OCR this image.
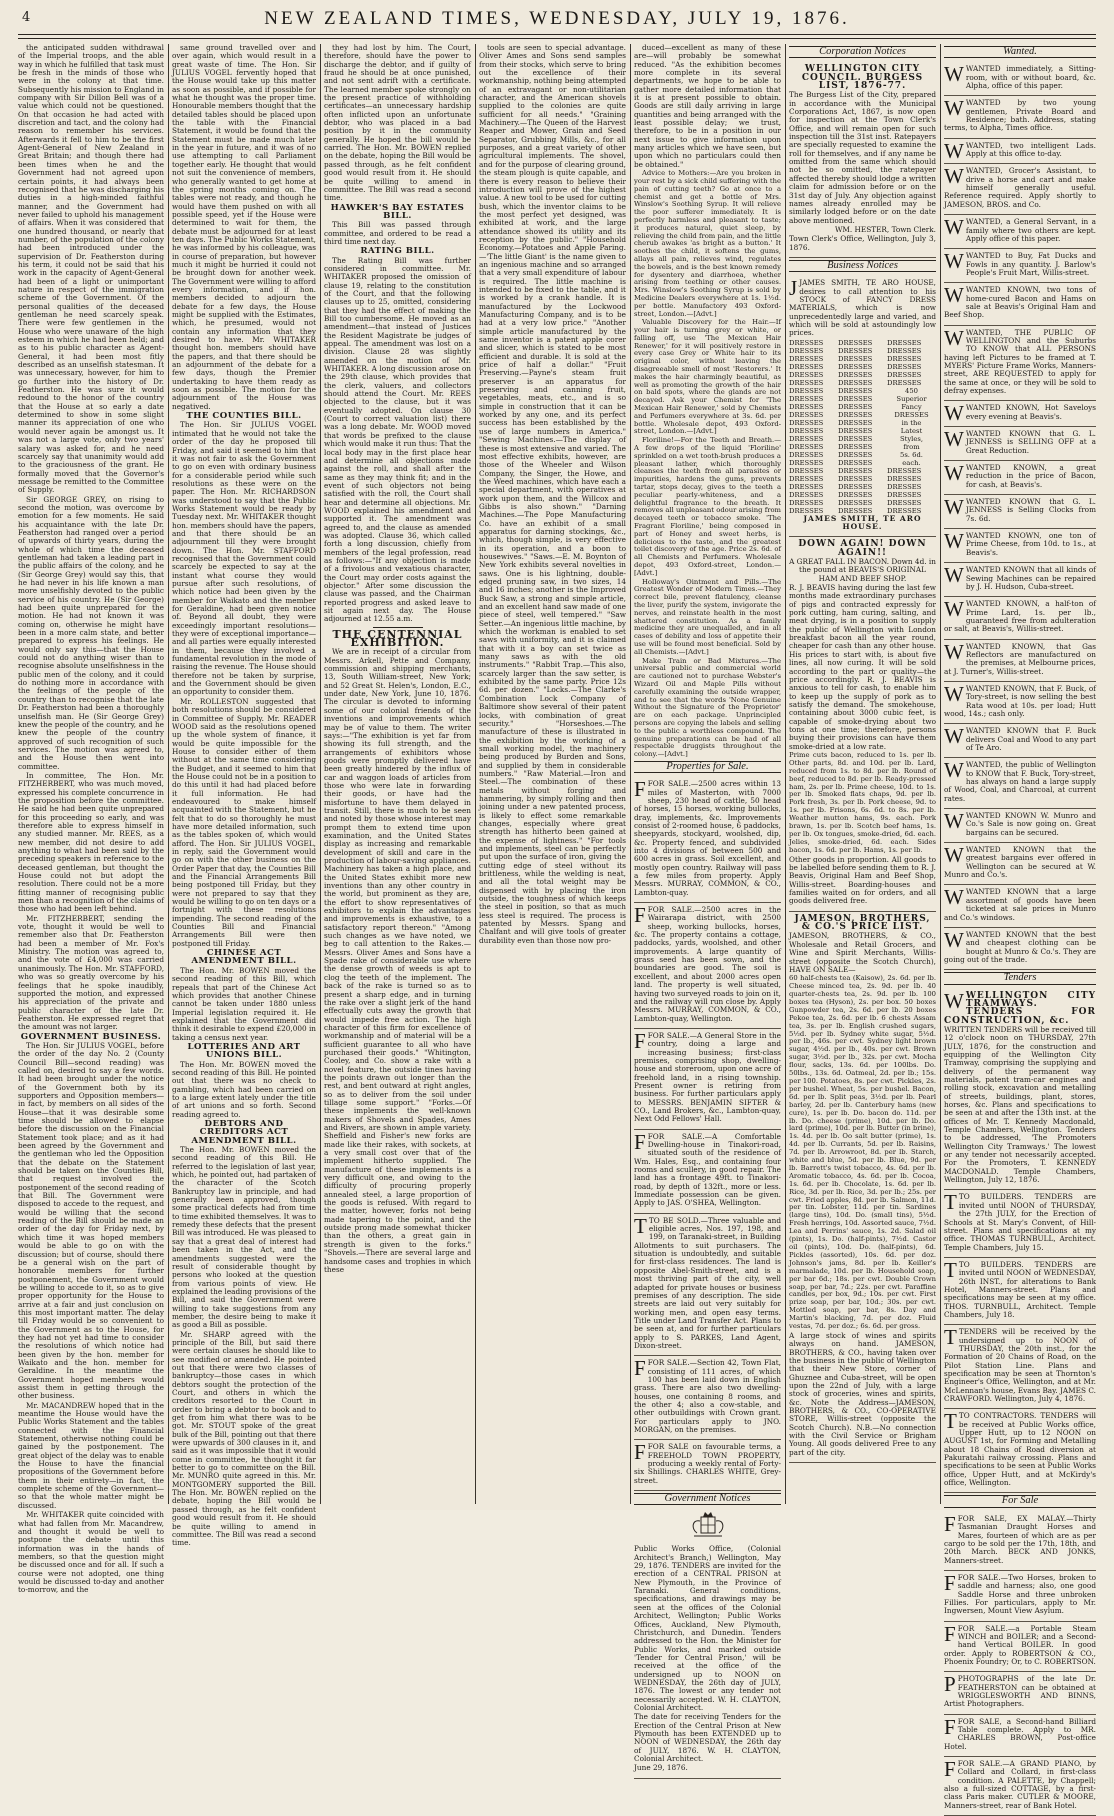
4	NEW ZEALAND TIMES, WEDNESDAY, JULY 19, 1876.

the anticipated sudden withdrawal of the Imperial troops, and the able way in which he fulfilled that task must be fresh in the minds of those who were in the colony at that time. Subsequently his mission to England in company with Sir Dillon Bell was of a value which could not be questioned. On that occasion he had acted with discretion and tact, and the colony had reason to remember his services. Afterwards it fell to him to be the first Agent-General of New Zealand in Great Britain; and though there had been times when he and the Government had not agreed upon certain points, it had always been recognised that he was discharging his duties in a high-minded faithful manner, and the Government had never failed to uphold his management of affairs. When it was considered that one hundred thousand, or nearly that number, of the population of the colony had been introduced under the supervision of Dr. Featherston during his term, it could not be said that his work in the capacity of Agent-General had been of a light or unimportant nature in respect of the immigration scheme of the Government. Of the personal qualities of the deceased gentleman he need scarcely speak. There were few gentlemen in the House who were unaware of the high esteem in which he had been held; and as to his public character as Agent-General, it had been most fitly described as an unselfish statesman. It was unnecessary, however, for him to go further into the history of Dr. Featherston. He was sure it would redound to the honor of the country that the House at so early a date determined to show in some slight manner its appreciation of one who would never again be amongst us. It was not a large vote, only two years' salary was asked for, and he need scarcely say that unanimity would add to the graciousness of the grant. He formally moved that the Governor's message be remitted to the Committee of Supply.

Sir GEORGE GREY, on rising to second the motion, was overcome by emotion for a few moments. He said his acquaintance with the late Dr. Featherston had ranged over a period of upwards of thirty years, during the whole of which time the deceased gentleman had taken a leading part in the public affairs of the colony, and he (Sir George Grey) would say this, that he had never in his life known a man more unselfishly devoted to the public service of his country. He (Sir George) had been quite unprepared for the motion. He had not known it was coming on, otherwise he might have been in a more calm state, and better prepared to express his feelings. He would only say this—that the House could not do anything wiser than to recognise absolute unselfishness in the public men of the colony, and it could do nothing more in accordance with the feelings of the people of the country than to recognise that the late Dr. Featherston had been a thoroughly unselfish man. He (Sir George Grey) knew the people of the country, and he knew the people of the country approved of such recognition of such services. The motion was agreed to, and the House then went into committee.

In committee, The Hon. Mr. FITZHERBERT, who was much moved, expressed his complete concurrence in the proposition before the committee. He said he had been quite unprepared for this proceeding so early, and was therefore able to express himself in any studied manner. Mr. REES, as a new member, did not desire to add anything to what had been said by the preceding speakers in reference to the deceased gentleman, but thought the House could not but adopt the resolution. There could not be a more fitting manner of recognising public men than a recognition of the claims of those who had been left behind.

Mr. FITZHERBERT, sending the vote, thought it would be well to remember also that Dr. Featherston had been a member of Mr. Fox's Ministry. The motion was agreed to, and the vote of £4,000 was carried unanimously. The Hon. Mr. STAFFORD, who was so greatly overcome by his feelings that he spoke inaudibly, supported the motion, and expressed his appreciation of the private and public character of the late Dr. Featherston. He expressed regret that the amount was not larger.

GOVERNMENT BUSINESS.

The Hon. Sir JULIUS VOGEL, before the order of the day No. 2 (County Council Bill—second reading) was called on, desired to say a few words. It had been brought under the notice of the Government both by its supporters and Opposition members—in fact, by members on all sides of the House—that it was desirable some time should be allowed to elapse before the discussion on the Financial Statement took place; and as it had been agreed by the Government and the gentleman who led the Opposition that the debate on the Statement should be taken on the Counties Bill, that request involved the postponement of the second reading of that Bill. The Government were disposed to accede to the request, and would be willing that the second reading of the Bill should be made an order of the day for Friday next, by which time it was hoped members would be able to go on with the discussion; but of course, should there be a general wish on the part of honorable members for further postponement, the Government would be willing to accede to it, so as to give proper opportunity for the House to arrive at a fair and just conclusion on this most important matter. The delay till Friday would be so convenient to the Government as to the House, for they had not yet had time to consider the resolutions of which notice had been given by the hon. member for Waikato and the hon. member for Geraldine. In the meantime the Government hoped members would assist them in getting through the other business.

Mr. MACANDREW hoped that in the meantime the House would have the Public Works Statement and the tables connected with the Financial Statement, otherwise nothing could be gained by the postponement. The great object of the delay was to enable the House to have the financial propositions of the Government before them in their entirety—in fact, the complete scheme of the Government—so that the whole matter might be discussed.

Mr. WHITAKER quite coincided with what had fallen from Mr. Macandrew, and thought it would be well to postpone the debate until this information was in the hands of members, so that the question might be discussed once and for all. If such a course were not adopted, one thing would be discussed to-day and another to-morrow, and the

same ground travelled over and over again, which would result in a great waste of time. The Hon. Sir JULIUS VOGEL fervently hoped that the House would take up this matter as soon as possible, and if possible for what he thought was the proper time. Honourable members thought that the detailed tables should be placed upon the table with the Financial Statement, it would be found that the Statement must be made much later in the year in future, and it was of no use attempting to call Parliament together early. He thought that would not suit the convenience of members, who generally wanted to get home at the spring months coming on. The tables were not ready, and though he would have them pushed on with all possible speed, yet if the House were determined to wait for them, the debate must be adjourned for at least ten days. The Public Works Statement, he was informed by his colleague, was in course of preparation, but however much it might be hurried it could not be brought down for another week. The Government were willing to afford every information, and if hon. members decided to adjourn the debate for a few days, the House might be supplied with the Estimates, which, he presumed, would not contain any information that they desired to have. Mr. WHITAKER thought hon. members should have the papers, and that there should be an adjournment of the debate for a few days, though the Premier undertaking to have them ready as soon as possible. The motion for the adjournment of the House was negatived.

THE COUNTIES BILL.

The Hon. Sir JULIUS VOGEL intimated that he would not take the order of the day he proposed till Friday, and said it seemed to him that it was not fair to ask the Government to go on even with ordinary business for a considerable period while such resolutions as these were on the paper. The Hon. Mr. RICHARDSON was understood to say that the Public Works Statement would be ready by Tuesday next. Mr. WHITAKER thought hon. members should have the papers, and that there should be an adjournment till they were brought down. The Hon. Mr. STAFFORD recognised that the Government could scarcely be expected to say at the instant what course they would pursue after such resolutions, of which notice had been given by the member for Waikato and the member for Geraldine, had been given notice of. Beyond all doubt, they were exceedingly important resolutions—they were of exceptional importance—and all parties were equally interested in them, because they involved a fundamental revolution in the mode of raising the revenue. The House should therefore not be taken by surprise, and the Government should be given an opportunity to consider them.

Mr. ROLLESTON suggested that both resolutions should be considered in Committee of Supply. Mr. READER WOOD said as the resolutions opened up the whole system of finance, it would be quite impossible for the House to consider either of them without at the same time considering the Budget, and it seemed to him that the House could not be in a position to do this until it had had placed before it full information. He had endeavoured to make himself acquainted with the Statement, but he felt that to do so thoroughly he must have more detailed information, such as the tables spoken of, which would afford. The Hon. Sir JULIUS VOGEL, in reply, said the Government would go on with the other business on the Order Paper that day, the Counties Bill and the Financial Arrangements Bill being postponed till Friday, but they were not prepared to say that they would be willing to go on ten days or a fortnight with these resolutions impending. The second reading of the Counties Bill and Financial Arrangements Bill were then postponed till Friday.

CHINESE ACT AMENDMENT BILL.

The Hon. Mr. BOWEN moved the second reading of this Bill, which repeals that part of the Chinese Act which provides that another Chinese cannot be taken under 1880 unless Imperial legislation required it. He explained that the Government did think it desirable to expend £20,000 in taking a census next year.

LOTTERIES AND ART UNIONS BILL.

The Hon. Mr. BOWEN moved the second reading of this Bill. He pointed out that there was no check to gambling, which had been carried on to a large extent lately under the title of art unions and so forth. Second reading agreed to.

DEBTORS AND CREDITORS ACT AMENDMENT BILL.

The Hon. Mr. BOWEN moved the second reading of this Bill. He referred to the legislation of last year, which, he pointed out, had partaken of the character of the Scotch Bankruptcy law in principle, and had generally been approved, though some practical defects had from time to time exhibited themselves. It was to remedy these defects that the present Bill was introduced. He was pleased to say that a great deal of interest had been taken in the Act, and the amendments suggested were the result of considerable thought by persons who looked at the question from various points of view. He explained the leading provisions of the Bill, and said the Government were willing to take suggestions from any member, the desire being to make it as good a Bill as possible.

Mr. SHARP agreed with the principle of the Bill, but said there were certain clauses he should like to see modified or amended. He pointed out that there were two classes of bankruptcy—those cases in which debtors sought the protection of the Court, and others in which the creditors resorted to the Court in order to bring a debtor to book and to get from him what there was to be got. Mr. STOUT spoke of the great bulk of the Bill, pointing out that there were upwards of 300 clauses in it, and said as it was impossible that it would come in committee, he thought it far better to go to committee on the Bill. Mr. MUNRO quite agreed in this. Mr. MONTGOMERY supported the Bill. The Hon. Mr. BOWEN replied on the debate, hoping the Bill would be passed through, as he felt confident good would result from it. He should be quite willing to amend in committee. The Bill was read a second time.

they had lost by him. The Court, therefore, should have the power to discharge the debtor, and if guilty of fraud he should be at once punished, and not sent adrift with a certificate. The learned member spoke strongly on the present practice of withholding certificates—an unnecessary hardship often inflicted upon an unfortunate debtor, who was placed in a bad position by it in the community generally. He hoped the bill would be carried. The Hon. Mr. BOWEN replied on the debate, hoping the Bill would be passed through, as he felt confident good would result from it. He should be quite willing to amend in committee. The Bill was read a second time.

HAWKER'S BAY ESTATES BILL.

This Bill was passed through committee, and ordered to be read a third time next day.

RATING BILL.

The Rating Bill was further considered in committee. Mr. WHITAKER proposed the omission of clause 19, relating to the constitution of the Court, and that the following clauses up to 25, omitted, considering that they had the effect of making the Bill too cumbersome. He moved as an amendment—that instead of Justices the Resident Magistrate be judges of appeal. The amendment was lost on a division. Clause 28 was slightly amended on the motion of Mr. WHITAKER. A long discussion arose on the 29th clause, which provides that the clerk, valuers, and collectors should attend the Court. Mr. REES objected to the clause, but it was eventually adopted. On clause 30 (Court to correct valuation list) there was a long debate. Mr. WOOD moved that words be prefixed to the clause which would make it run thus: That the local body may in the first place hear and determine all objections made against the roll, and shall after the same as they may think fit; and in the event of such objectors not being satisfied with the roll, the Court shall hear and determine all objections. Mr. WOOD explained his amendment and supported it. The amendment was agreed to, and the clause as amended was adopted. Clause 36, which called forth a long discussion, chiefly from members of the legal profession, read as follows:—"If any objection is made of a frivolous and vexatious character, the Court may order costs against the objector." After some discussion the clause was passed, and the Chairman reported progress and asked leave to sit again next day. The House adjourned at 12.55 a.m.

THE CENTENNIAL EXHIBITION.

We are in receipt of a circular from Messrs. Arkell, Pette and Company, commission and shipping merchants, 13, South William-street, New York; and 52 Great St. Helen's, London, E.C., under date, New York, June 10, 1876. The circular is devoted to informing some of our colonial friends of the inventions and improvements which may be of value to them. The writer says:—"The exhibition is yet far from showing its full strength, and the arrangements of exhibitors whose goods were promptly delivered have been greatly hindered by the influx of car and waggon loads of articles from those who were late in forwarding their goods, or have had the misfortune to have them delayed in transit. Still, there is much to be seen and noted by those whose interest may prompt them to extend time upon examination, and the United States display as increasing and remarkable development of skill and care in the production of labour-saving appliances. Machinery has taken a high place, and the United States exhibit more new inventions than any other country in the world, but prominent as they are, the effort to show representatives of exhibitors to explain the advantages and improvements is exhaustive, to a satisfactory report thereon." "Among such changes as we have noted, we beg to call attention to the Rakes.—Messrs. Oliver Ames and Sons have a Spade rake of considerable use where the dense growth of weeds is apt to clog the teeth of the implement. The back of the rake is turned so as to present a sharp edge, and in turning the rake over a slight jerk of the hand effectually cuts away the growth that would impede free action. The high character of this firm for excellence of workmanship and of material will be a sufficient guarantee to all who have purchased their goods." "Whitington, Cooley, and Co. show a rake with a novel feature, the outside tines having the points drawn out longer than the rest, and bent outward at right angles, so as to deliver from the soil under tillage some support." "Forks.—Of these implements the well-known makers of Shovels and Spades, Ames and Rivers, are shown in ample variety. Sheffield and Fisher's new forks are made like their rakes, with sockets, at a very small cost over that of the implement hitherto supplied. The manufacture of these implements is a very difficult one, and owing to the difficulty of procuring properly annealed steel, a large proportion of the goods is refused. With regard to the matter, however, forks not being made tapering to the point, and the outside prong made somewhat thicker than the others, a great gain in strength is given to the forks." "Shovels.—There are several large and handsome cases and trophies in which these

tools are seen to special advantage. Oliver Ames and Sons send samples from their stocks, which serve to bring out the excellence of their workmanship, nothing being attempted of an extravagant or non-utilitarian character, and the American shovels supplied to the colonies are quite sufficient for all needs." "Graining Machinery.—The Queen of the Harvest Reaper and Mower, Grain and Seed Separator, Grubbing Mills, &c., for all purposes, and a great variety of other agricultural implements. The shovel, and for the purpose of clearing ground, the steam plough is quite capable, and there is every reason to believe their introduction will prove of the highest value. A new tool to be used for cutting bush, which the inventor claims to be the most perfect yet designed, was exhibited at work, and the large attendance showed its utility and its reception by the public." "Household Economy.—Potatoes and Apple Paring.—'The little Giant' is the name given to an ingenious machine and so arranged that a very small expenditure of labour is required. The little machine is intended to be fixed to the table, and it is worked by a crank handle. It is manufactured by the Lockwood Manufacturing Company, and is to be had at a very low price." "Another simple article manufactured by the same inventor is a patent apple corer and slicer, which is stated to be most efficient and durable. It is sold at the price of half a dollar." "Fruit Preserving.—Payne's steam fruit preserver is an apparatus for preserving and canning fruit, vegetables, meats, etc., and is so simple in construction that it can be worked by any one, and its perfect success has been established by the use of large numbers in America." "Sewing Machines.—The display of these is most extensive and varied. The most effective exhibits, however, are those of the Wheeler and Wilson Company, the Singer, the Howe, and the Weed machines, which have each a special department, with operatives at work upon them, and the Willcox and Gibbs is also shown." "Darning Machines.—The Pope Manufacturing Co. have an exhibit of a small apparatus for darning stockings, &c., which, though simple, is very effective in its operation, and a boon to housewives." "Saws.—E. M. Boynton of New York exhibits several novelties in saws. One is his lightning, double-edged pruning saw, in two sizes, 14 and 16 inches; another is the Improved Buck Saw, a strong and simple article, and an excellent hand saw made of one piece of steel, well tempered." "Saw Setter.—An ingenious little machine, by which the workman is enabled to set saws with uniformity, and it is claimed that with it a boy can set twice as many saws as with the old instruments." "Rabbit Trap.—This also, scarcely larger than the saw setter, is exhibited by the same party. Price 12s 6d. per dozen." "Locks.—The Clarke's Combination Lock Company of Baltimore show several of their patent locks, with combination of great security." "Horseshoes.—The manufacture of these is illustrated in the exhibition by the working of a small working model, the machinery being produced by Burden and Sons, and supplied by them in considerable numbers." "Raw Material.—Iron and Steel.—The combination of these metals without forging and hammering, by simply rolling and then joining under a new patented process, is likely to effect some remarkable changes, especially where great strength has hitherto been gained at the expense of lightness." "For tools and implements, steel can be perfectly put upon the surface of iron, giving the cutting edge of steel without its brittleness, while the welding is neat, and all the total weight may be dispensed with by placing the iron outside, the toughness of which keeps the steel in position, so that as much less steel is required. The process is patented by Messrs. Spang and Chalfant and will give tools of greater durability even than those now pro-

duced—excellent as many of these are—will probably be somewhat reduced. "As the exhibition becomes more complete in its several departments, we hope to be able to gather more detailed information that it is at present possible to obtain. Goods are still daily arriving in large quantities and being arranged with the least possible delay; we trust, therefore, to be in a position in our next issue to give information upon many articles which we have seen, but upon which no particulars could then be obtained."

Advice to Mothers:—Are you broken in your rest by a sick child suffering with the pain of cutting teeth? Go at once to a chemist and get a bottle of Mrs. Winslow's Soothing Syrup. It will relieve the poor sufferer immediately. It is perfectly harmless and pleasant to taste; it produces natural, quiet sleep, by relieving the child from pain, and the little cherub awakes 'as bright as a button.' It soothes the child, it softens the gums, allays all pain, relieves wind, regulates the bowels, and is the best known remedy for dysentery and diarrhoea, whether arising from teething or other causes. Mrs. Winslow's Soothing Syrup is sold by Medicine Dealers everywhere at 1s. 1½d. per bottle. Manufactory 493 Oxford-street, London.—[Advt.]

Valuable Discovery for the Hair.—If your hair is turning grey or white, or falling off, use 'The Mexican Hair Renewer,' for it will positively restore in every case Grey or White hair to its original color, without leaving the disagreeable smell of most 'Restorers.' It makes the hair charmingly beautiful, as well as promoting the growth of the hair on bald spots, where the glands are not decayed. Ask your Chemist for 'The Mexican Hair Renewer,' sold by Chemists and Perfumers everywhere at 3s. 6d. per bottle. Wholesale depot, 493 Oxford-street, London.—[Advt.]

Floriline!—For the Teeth and Breath.—A few drops of the liquid 'Floriline' sprinkled on a wet tooth-brush produces a pleasant lather, which thoroughly cleanses the teeth from all parasites or impurities, hardens the gums, prevents tartar, stops decay, gives to the teeth a peculiar pearly-whiteness, and a delightful fragrance to the breath. It removes all unpleasant odour arising from decayed teeth or tobacco smoke. 'The Fragrant Floriline,' being composed in part of Honey and sweet herbs, is delicious to the taste, and the greatest toilet discovery of the age. Price 2s. 6d. of all Chemists and Perfumers. Wholesale depot, 493 Oxford-street, London.—[Advt.]

Holloway's Ointment and Pills.—The Greatest Wonder of Modern Times.—They correct bile, prevent flatulency, cleanse the liver, purify the system, invigorate the nerves, and reinstate health in the most shattered constitution. As a family medicine they are unequalled, and in all cases of debility and loss of appetite their use will be found most beneficial. Sold by all Chemists.—[Advt.]

Make Train or Bad Mixtures.—The universal public and commercial world are cautioned not to purchase Webster's Wizard Oil and Maple Pills without carefully examining the outside wrapper, and to see that the words 'None Genuine Without the Signature of the Proprietor' are on each package. Unprincipled persons are copying the labels and selling to the public a worthless compound. The genuine preparations can be had of all respectable druggists throughout the colony.—[Advt.]

Properties for Sale.

FFOR SALE.—2500 acres within 13 miles of Masterton, with 7000 sheep, 230 head of cattle, 50 head of horses, 15 horses, working bullocks, dray, implements, &c. Improvements consist of 2-roomed house, 6 paddocks, sheepyards, stockyard, woolshed, dip, &c. Property fenced, and subdivided into 4 divisions of between 500 and 600 acres in grass. Soil excellent, and mostly open country. Railway will pass a few miles from property. Apply Messrs. MURRAY, COMMON, & CO., Lambton-quay.

FFOR SALE.—2500 acres in the Wairarapa district, with 2500 sheep, working bullocks, horses, &c. The property contains a cottage, paddocks, yards, woolshed, and other improvements. A large quantity of grass seed has been sown, and the boundaries are good. The soil is excellent, and about 2000 acres open land. The property is well situated, having two surveyed roads to join on it, and the railway will run close by. Apply Messrs. MURRAY, COMMON, & CO., Lambton-quay, Wellington.

FFOR SALE.—A General Store in the country, doing a large and increasing business; first-class premises, comprising shop, dwelling-house and storeroom, upon one acre of freehold land, in a rising township. Present owner is retiring from business. For further particulars apply to MESSRS. BENJAMIN SIFTER & CO., Land Brokers, &c., Lambton-quay, Next Odd Fellows' Hall.

FFOR SALE.—A Comfortable Dwelling-house in Tinakori-road, situated south of the residence of Wm. Hales, Esq., and containing four rooms and scullery, in good repair. The land has a frontage 49ft. to Tinakori-road, by depth of 132ft., more or less. Immediate possession can be given. Apply to JAS. O'SHEA, Wellington.

TTO BE SOLD.—Three valuable and eligible acres, Nos. 197, 198, and 199, on Taranaki-street, in Building Allotments to suit purchasers. The situation is undoubtedly, and suitable for first-class residences. The land is opposite Abel-Smith-street, and is a most thriving part of the city, well adapted for private houses or business premises of any description. The side streets are laid out very suitably for working men, and open easy terms. Title under Land Transfer Act. Plans to be seen at, and for further particulars apply to S. PARKES, Land Agent, Dixon-street.

FFOR SALE.—Section 42, Town Flat, consisting of 111 acres, of which 100 has been laid down in English grass. There are also two dwelling-houses, one containing 8 rooms, and the other 4; also a cow-stable, and other outbuildings with Crown grant. For particulars apply to JNO. MORGAN, on the premises.

FFOR SALE on favourable terms, a FREEHOLD TOWN PROPERTY, producing a weekly rental of Forty-six Shillings. CHARLES WHITE, Grey-street.

Government Notices

Public Works Office, (Colonial Architect's Branch,) Wellington, May 29, 1876. TENDERS are invited for the erection of a CENTRAL PRISON at New Plymouth, in the Province of Taranaki. General conditions, specifications, and drawings may be seen at the offices of the Colonial Architect, Wellington; Public Works Offices, Auckland, New Plymouth, Christchurch, and Dunedin. Tenders addressed to the Hon. the Minister for Public Works, and marked outside 'Tender for Central Prison,' will be received at the office of the undersigned up to NOON on WEDNESDAY, the 26th day of JULY, 1876. The lowest or any tender not necessarily accepted. W. H. CLAYTON, Colonial Architect.

The date for receiving Tenders for the Erection of the Central Prison at New Plymouth has been EXTENDED up to NOON of WEDNESDAY, the 26th day of JULY, 1876. W. H. CLAYTON, Colonial Architect.

June 29, 1876.

Corporation Notices

WELLINGTON CITY COUNCIL. BURGESS LIST, 1876-77.

The Burgess List of the City, prepared in accordance with the Municipal Corporations Act, 1867, is now open for inspection at the Town Clerk's Office, and will remain open for such inspection till the 31st inst. Ratepayers are specially requested to examine the roll for themselves, and if any name be omitted from the same which should not be so omitted, the ratepayer affected thereby should lodge a written claim for admission before or on the 31st day of July. Any objection against names already enrolled may be similarly lodged before or on the date above mentioned.

WM. HESTER, Town Clerk.

Town Clerk's Office, Wellington, July 3, 1876.

Business Notices

JJAMES SMITH, TE ARO HOUSE, desires to call attention to his STOCK of FANCY DRESS MATERIALS, which is now unprecedentedly large and varied, and which will be sold at astoundingly low prices.

DRESSES	DRESSES	DRESSES
DRESSES	DRESSES	DRESSES
DRESSES	DRESSES	DRESSES
DRESSES	DRESSES	DRESSES
DRESSES	DRESSES	DRESSES
DRESSES	DRESSES	DRESSES
DRESSES	DRESSES	450
DRESSES	DRESSES	Superior
DRESSES	DRESSES	Fancy
DRESSES	DRESSES	DRESSES
DRESSES	DRESSES	in the
DRESSES	DRESSES	Latest
DRESSES	DRESSES	Styles,
DRESSES	DRESSES	from
DRESSES	DRESSES	5s. 6d.
DRESSES	DRESSES	each.
DRESSES	DRESSES	DRESSES
DRESSES	DRESSES	DRESSES
DRESSES	DRESSES	DRESSES
DRESSES	DRESSES	DRESSES
DRESSES	DRESSES	DRESSES
DRESSES	DRESSES	DRESSES

JAMES SMITH, TE ARO HOUSE.

DOWN AGAIN! DOWN AGAIN!!

A GREAT FALL IN BACON. Down 4d. in the pound at BEAVIS'S ORIGINAL HAM AND BEEF SHOP.

R. J. BEAVIS having during the last few months made extraordinary purchases of pigs and contracted expressly for pork cutting, ham curing, salting, and meat drying, is in a position to supply the public of Wellington with London breakfast bacon all the year round, cheaper for cash than any other house. His prices to start with, is about five lines, all now curing. It will be sold according to the part or quality—the price accordingly. R. J. BEAVIS is anxious to tell for cash, to enable him to keep up the supply of pork as to satisfy the demand. The smokehouse, containing about 3000 cubic feet, is capable of smoke-drying about two tons at one time; therefore, persons buying their provisions can have them smoke-dried at a low rate.

Prime cuts bacon, reduced to 1s. per lb. Other parts, 8d. and 10d. per lb. Lard, reduced from 1s. to 8d. per lb. Round of beef, reduced to 8d. per lb. Ready-pressed ham, 2s. per lb. Prime cheese, 10d. to 1s. per lb. Smoked flats chaps, 9d. per lb. Pork fresh, 3s. per lb. Pork cheese, 9d. to 1s. per lb. Frisons, 6s. 6d. to 8s. per lb. Weather mutton hams, 9s. each. Pork brawn, 1s. per lb. Scotch beef hams, 1s. per lb. Ox tongues, smoke-dried, 6d. each. Jelies, smoke-dried, 6d. each. Sides bacon, 1s. 6d. per lb. Hams, 1s. per lb.

Other goods in proportion. All goods to be labelled before sending them to R. J. Beavis, Original Ham and Beef Shop, Willis-street. Boarding-houses and families waited on for orders, and all goods delivered free.

JAMESON, BROTHERS, & CO.'S PRICE LIST.

JAMESON, BROTHERS, & CO., Wholesale and Retail Grocers, and Wine and Spirit Merchants, Willis-street (opposite the Scotch Church), HAVE ON SALE—

60 half-chests tea (Kaisow), 2s. 6d. per lb. Cheese minced tea, 2s. 9d. per lb. 40 quarter-chests tea, 2s. 9d. per lb. 100 boxes tea (Hyson), 2s. per box. 50 boxes Gunpowder tea, 2s. 6d. per lb. 20 boxes Pekoe tea, 2s. 6d. per lb. 6 chests Assam tea, 3s. per lb. English crushed sugars, 5½d. per lb. Sydney white sugar, 5½d. per lb., 46s. per cwt. Sydney light brown sugar, 4½d. per lb., 40s. per cwt. Brown sugar, 3½d. per lb., 32s. per cwt. Mocha flour, sacks, 13s. 6d. per 100lbs. Do. 50lbs., 13s. 6d. Oatmeal, 2d. per lb.; 15s. per 100. Potatoes, 8s. per cwt. Pickles, 2s. per bushel. Wheat, 5s. per bushel. Bacon, 6d. per lb. Split peas, 3½d. per lb. Pearl barley, 2d. per lb. Canterbury hams (new cure), 1s. per lb. Do. bacon do. 11d. per lb. Do. cheese (prime), 10d. per lb. Do. lard (prime), 10d. per lb. Butter (in brine), 1s. 4d. per lb. Oo salt butter (prime), 1s. 4d. per lb. Currants, 5d. per lb. Raisins, 7d. per lb. Arrowroot, 8d. per lb. Starch, white and blue, 5d. per lb. Blue, 9d. per lb. Barrett's twist tobacco, 4s. 6d. per lb. Aromatic tobacco, 4s. 6d. per lb. Cocoa, 1s. 6d. per lb. Chocolate, 1s. 6d. per lb. Rice, 3d. per lb. Rice, 3d. per lb.; 25s. per cwt. Fried apples, 8d. per lb. Salmon, 11d. per tin. Lobster, 11d. per tin. Sardines (large tins), 10d. Do. (small tins), 5½d. Fresh herrings, 10d. Assorted sauce, 7½d. Lea and Perrins' sauce, 1s. 2d. Salad oil (pints), 1s. Do. (half-pints), 7½d. Castor oil (pints), 10d. Do. (half-pints), 6d. Pickles (assorted), 10s. 6d. per doz. Johnson's jams, 8d. per lb. Keiller's marmalade, 10d. per lb. Household soap, per bar 6d.; 18s. per cwt. Double Crown soap, per bar, 7d.; 22s. per cwt. Paraffine candles, per box, 9d.; 10s. per cwt. First prize soap, per bar, 10d.; 30s. per cwt. Mottled soap, per bar, 8s. Day and Martin's blacking, 7d. per doz. Fluid vestas, 7d. per doz.; 6s. 6d. per gross.

A large stock of wines and spirits always on hand. JAMESON, BROTHERS, & CO., having taken over the business in the public of Wellington that their New Store, corner of Ghuznee and Cuba-street, will be open upon the 22nd of July, with a large stock of groceries, wines and spirits, &c. Note the Address—JAMESON, BROTHERS, & CO., CO-OPERATIVE STORE, Willis-street (opposite the Scotch Church). N.B.—No connection with the Civil Service or Brigham Young. All goods delivered Free to any part of the city.

Wanted.

WWANTED immediately, a Sitting-room, with or without board, &c. Alpha, office of this paper.

WWANTED by two young gentlemen, Private Board and Residence; bath. Address, stating terms, to Alpha, Times office.

WWANTED, two intelligent Lads. Apply at this office to-day.

WWANTED, Grocer's Assistant, to drive a horse and cart and make himself generally useful. Reference required. Apply shortly to JAMESON, BROS. and Co.

WWANTED, a General Servant, in a family where two others are kept. Apply office of this paper.

WWANTED to Buy, Fat Ducks and Fowls in any quantity. J. Barlow's People's Fruit Mart, Willis-street.

WWANTED KNOWN, two tons of home-cured Bacon and Hams on sale at Beavis's Original Ham and Beef Shop.

WWANTED, THE PUBLIC OF WELLINGTON and the Suburbs TO KNOW that ALL PERSONS having left Pictures to be framed at T. MYERS' Picture Frame Works, Manners-street, ARE REQUESTED to apply for the same at once, or they will be sold to defray expenses.

WWANTED KNOWN, Hot Saveloys every evening at Beavis's.

WWANTED KNOWN that G. L. JENNESS is SELLING OFF at a Great Reduction.

WWANTED KNOWN, a great reduction in the price of Bacon, for cash, at Beavis's.

WWANTED KNOWN that G. L. JENNESS is Selling Clocks from 7s. 6d.

WWANTED KNOWN, one ton of Prime Cheese, from 10d. to 1s., at Beavis's.

WWANTED KNOWN that all kinds of Sewing Machines can be repaired by J. H. Hudson, Cuba-street.

WWANTED KNOWN, a half-ton of Prime Lard, 1s. per lb., guaranteed free from adulteration or salt, at Beavis's, Willis-street.

WWANTED KNOWN, that Gas Reflectors are manufactured on the premises, at Melbourne prices, at J. Turner's, Willis-street.

WWANTED KNOWN, that F. Buck, of Tory-street, is now selling the best Rata wood at 10s. per load; Hutt wood, 14s.; cash only.

WWANTED KNOWN that F. Buck delivers Coal and Wood to any part of Te Aro.

WWANTED, the public of Wellington to KNOW that F. Buck, Tory-street, has always on hand a large supply of Wood, Coal, and Charcoal, at current rates.

WWANTED KNOWN W. Munro and Co.'s Sale is now going on. Great bargains can be secured.

WWANTED KNOWN that the greatest bargains ever offered in Wellington can be secured at W. Munro and Co.'s.

WWANTED KNOWN that a large assortment of goods have been ticketed at sale prices in Munro and Co.'s windows.

WWANTED KNOWN that the best and cheapest clothing can be bought at Munro & Co.'s. They are going out of the trade.

Tenders

WWELLINGTON CITY TRAMWAYS. TENDERS FOR CONSTRUCTION, &c.

WRITTEN TENDERS will be received till 12 o'clock noon on THURSDAY, 27th JULY, 1876, for the construction and equipping of the Wellington City Tramway, comprising the supplying and delivery of the permanent way materials, patent tram-car engines and rolling stock, excavation and metalling of streets, buildings, plant, stores, horses, &c. Plans and specifications to be seen at and after the 13th inst. at the offices of Mr. T. Kennedy Macdonald, Temple Chambers, Wellington. Tenders to be addressed, 'The Promoters Wellington City Tramways.' The lowest or any tender not necessarily accepted. For the Promoters, T. KENNEDY MACDONALD. Temple Chambers, Wellington, July 12, 1876.

TTO BUILDERS. TENDERS are invited until NOON of THURSDAY, the 27th JULY, for the Erection of Schools at St. Mary's Convent, of Hill-street. Plans and specifications at my office. THOMAS TURNBULL, Architect. Temple Chambers, July 15.

TTO BUILDERS. TENDERS are invited until NOON of WEDNESDAY, 26th INST., for alterations to Bank Hotel, Manners-street. Plans and specifications may be seen at my office. THOS. TURNBULL, Architect. Temple Chambers, July 18.

TTENDERS will be received by the undersigned up to NOON of THURSDAY, the 20th inst., for the Formation of 20 Chains of Road, on the Pilot Station Line. Plans and specification may be seen at Thornton's Engineer's Office, Wellington, and at Mr. McLennan's house, Evans Bay. JAMES C. CRAWFORD. Wellington, July 4, 1876.

TTO CONTRACTORS. TENDERS will be received at Public Works office, Upper Hutt, up to 12 NOON on AUGUST 1st, for Forming and Metalling about 18 Chains of Road diversion at Pakuratahi railway crossing. Plans and specifications to be seen at Public Works office, Upper Hutt, and at McKirdy's office, Wellington.

For Sale

FFOR SALE, EX MALAY.—Thirty Tasmanian Draught Horses and Mares, fourteen of which are as per cargo to be sold per the 17th, 18th, and 20th March. BECK AND JONKS, Manners-street.

FFOR SALE.—Two Horses, broken to saddle and harness; also, one good Saddle Horse and three unbroken Fillies. For particulars, apply to Mr. Ingwersen, Mount View Asylum.

FFOR SALE.—a Portable Steam WINCH and BOILER; and a Second-hand Vertical BOILER. In good order. Apply to ROBERTSON & CO., Phoenix Foundry; Or, to C. ROBERTSON.

PPHOTOGRAPHS of the late Dr. FEATHERSTON can be obtained at WRIGGLESWORTH AND BINNS, Artist Photographers.

FFOR SALE, a Second-hand Billiard Table complete. Apply to MR. CHARLES BROWN, Post-office Hotel.

FFOR SALE.—A GRAND PIANO, by Collard and Collard, in first-class condition. A PALETTE, by Chappell; also a full-sized COTTAGE, by a first-class Paris maker. CUTLER & MOORE, Manners-street, rear of Bank Hotel.
